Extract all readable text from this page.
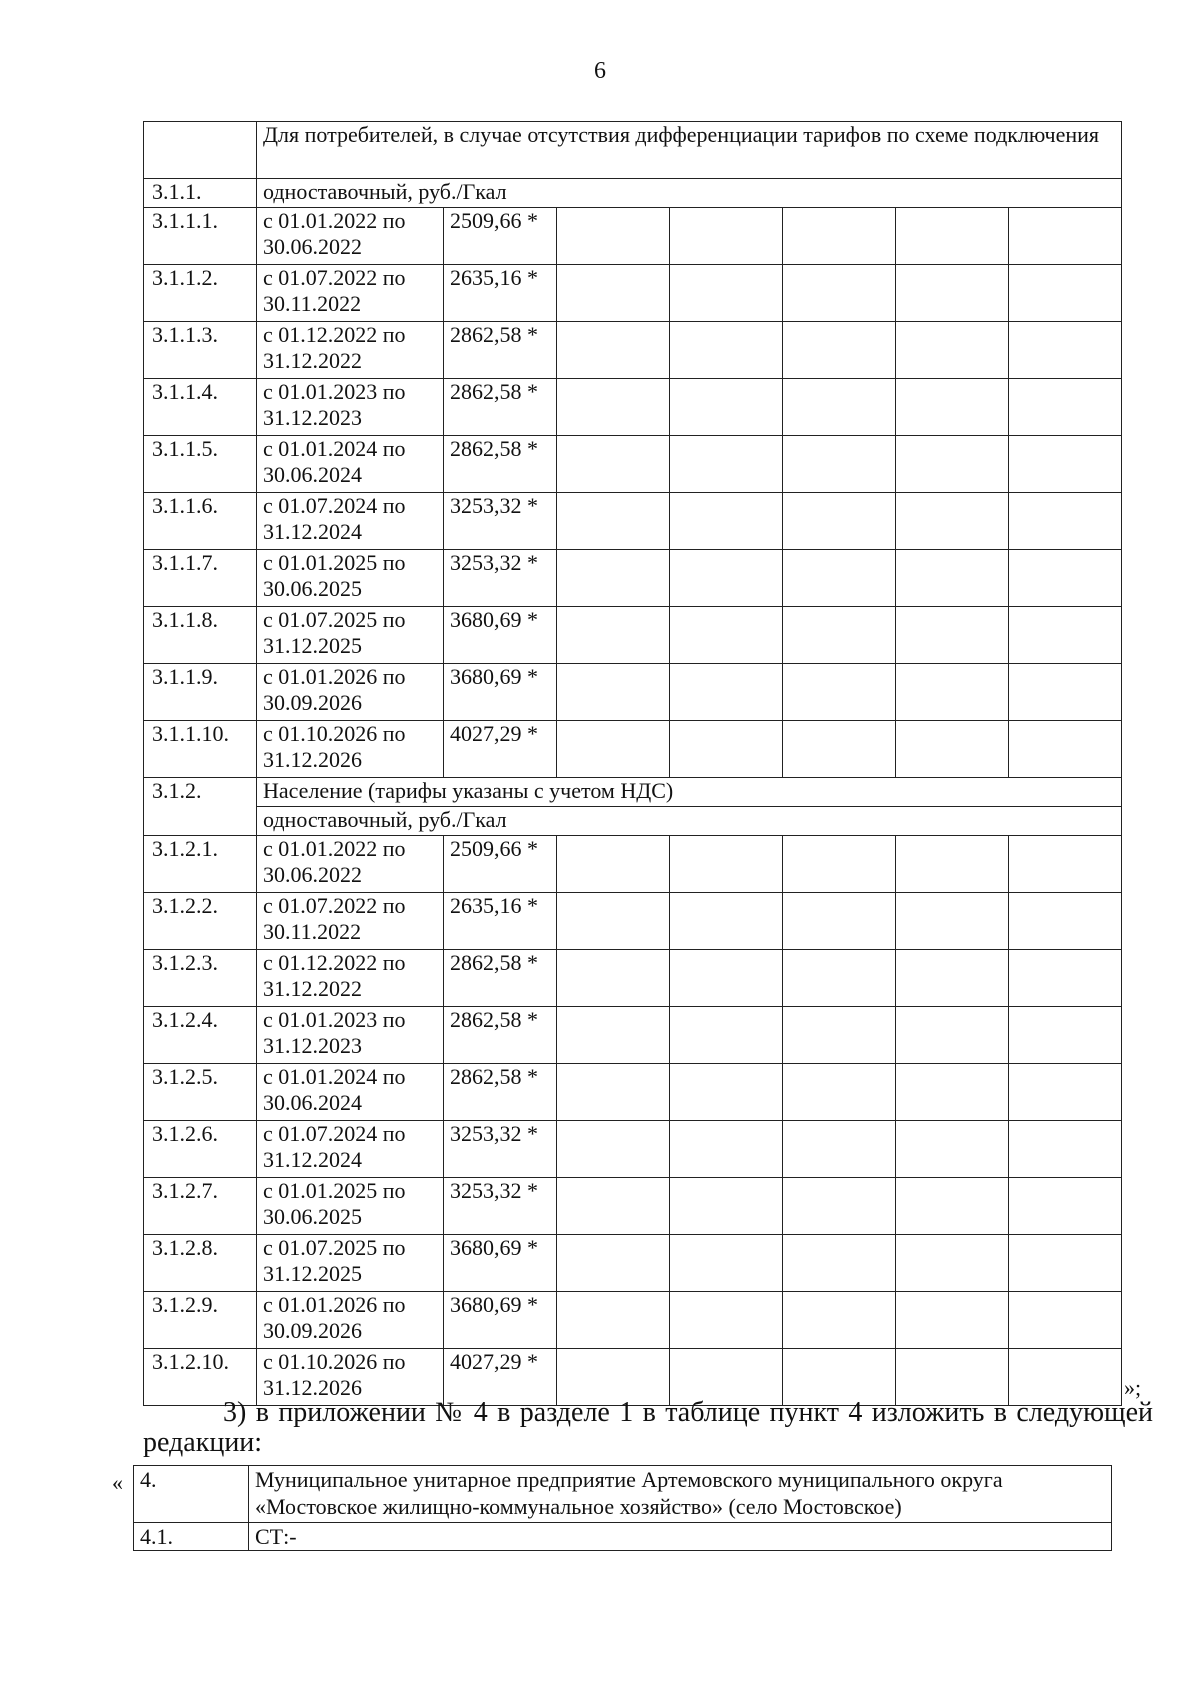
6
	Для потребителей, в случае отсутствия дифференциации тарифов по схеме подключения						
3.1.1.	одноставочный, руб./Гкал						
3.1.1.1.	с 01.01.2022 по 30.06.2022	2509,66 *					
3.1.1.2.	с 01.07.2022 по 30.11.2022	2635,16 *					
3.1.1.3.	с 01.12.2022 по 31.12.2022	2862,58 *					
3.1.1.4.	с 01.01.2023 по 31.12.2023	2862,58 *					
3.1.1.5.	с 01.01.2024 по 30.06.2024	2862,58 *					
3.1.1.6.	с 01.07.2024 по 31.12.2024	3253,32 *					
3.1.1.7.	с 01.01.2025 по 30.06.2025	3253,32 *					
3.1.1.8.	с 01.07.2025 по 31.12.2025	3680,69 *					
3.1.1.9.	с 01.01.2026 по 30.09.2026	3680,69 *					
3.1.1.10.	с 01.10.2026 по 31.12.2026	4027,29 *					
3.1.2.	Население (тарифы указаны с учетом НДС)						
	одноставочный, руб./Гкал						
3.1.2.1.	с 01.01.2022 по 30.06.2022	2509,66 *					
3.1.2.2.	с 01.07.2022 по 30.11.2022	2635,16 *					
3.1.2.3.	с 01.12.2022 по 31.12.2022	2862,58 *					
3.1.2.4.	с 01.01.2023 по 31.12.2023	2862,58 *					
3.1.2.5.	с 01.01.2024 по 30.06.2024	2862,58 *					
3.1.2.6.	с 01.07.2024 по 31.12.2024	3253,32 *					
3.1.2.7.	с 01.01.2025 по 30.06.2025	3253,32 *					
3.1.2.8.	с 01.07.2025 по 31.12.2025	3680,69 *					
3.1.2.9.	с 01.01.2026 по 30.09.2026	3680,69 *					
3.1.2.10.	с 01.10.2026 по 31.12.2026	4027,29 *					
»;
3) в приложении № 4 в разделе 1 в таблице пункт 4 изложить в следующей редакции:
« 4.	Муниципальное унитарное предприятие Артемовского муниципального округа «Мостовское жилищно-коммунальное хозяйство» (село Мостовское)
4.1.	СТ:-
